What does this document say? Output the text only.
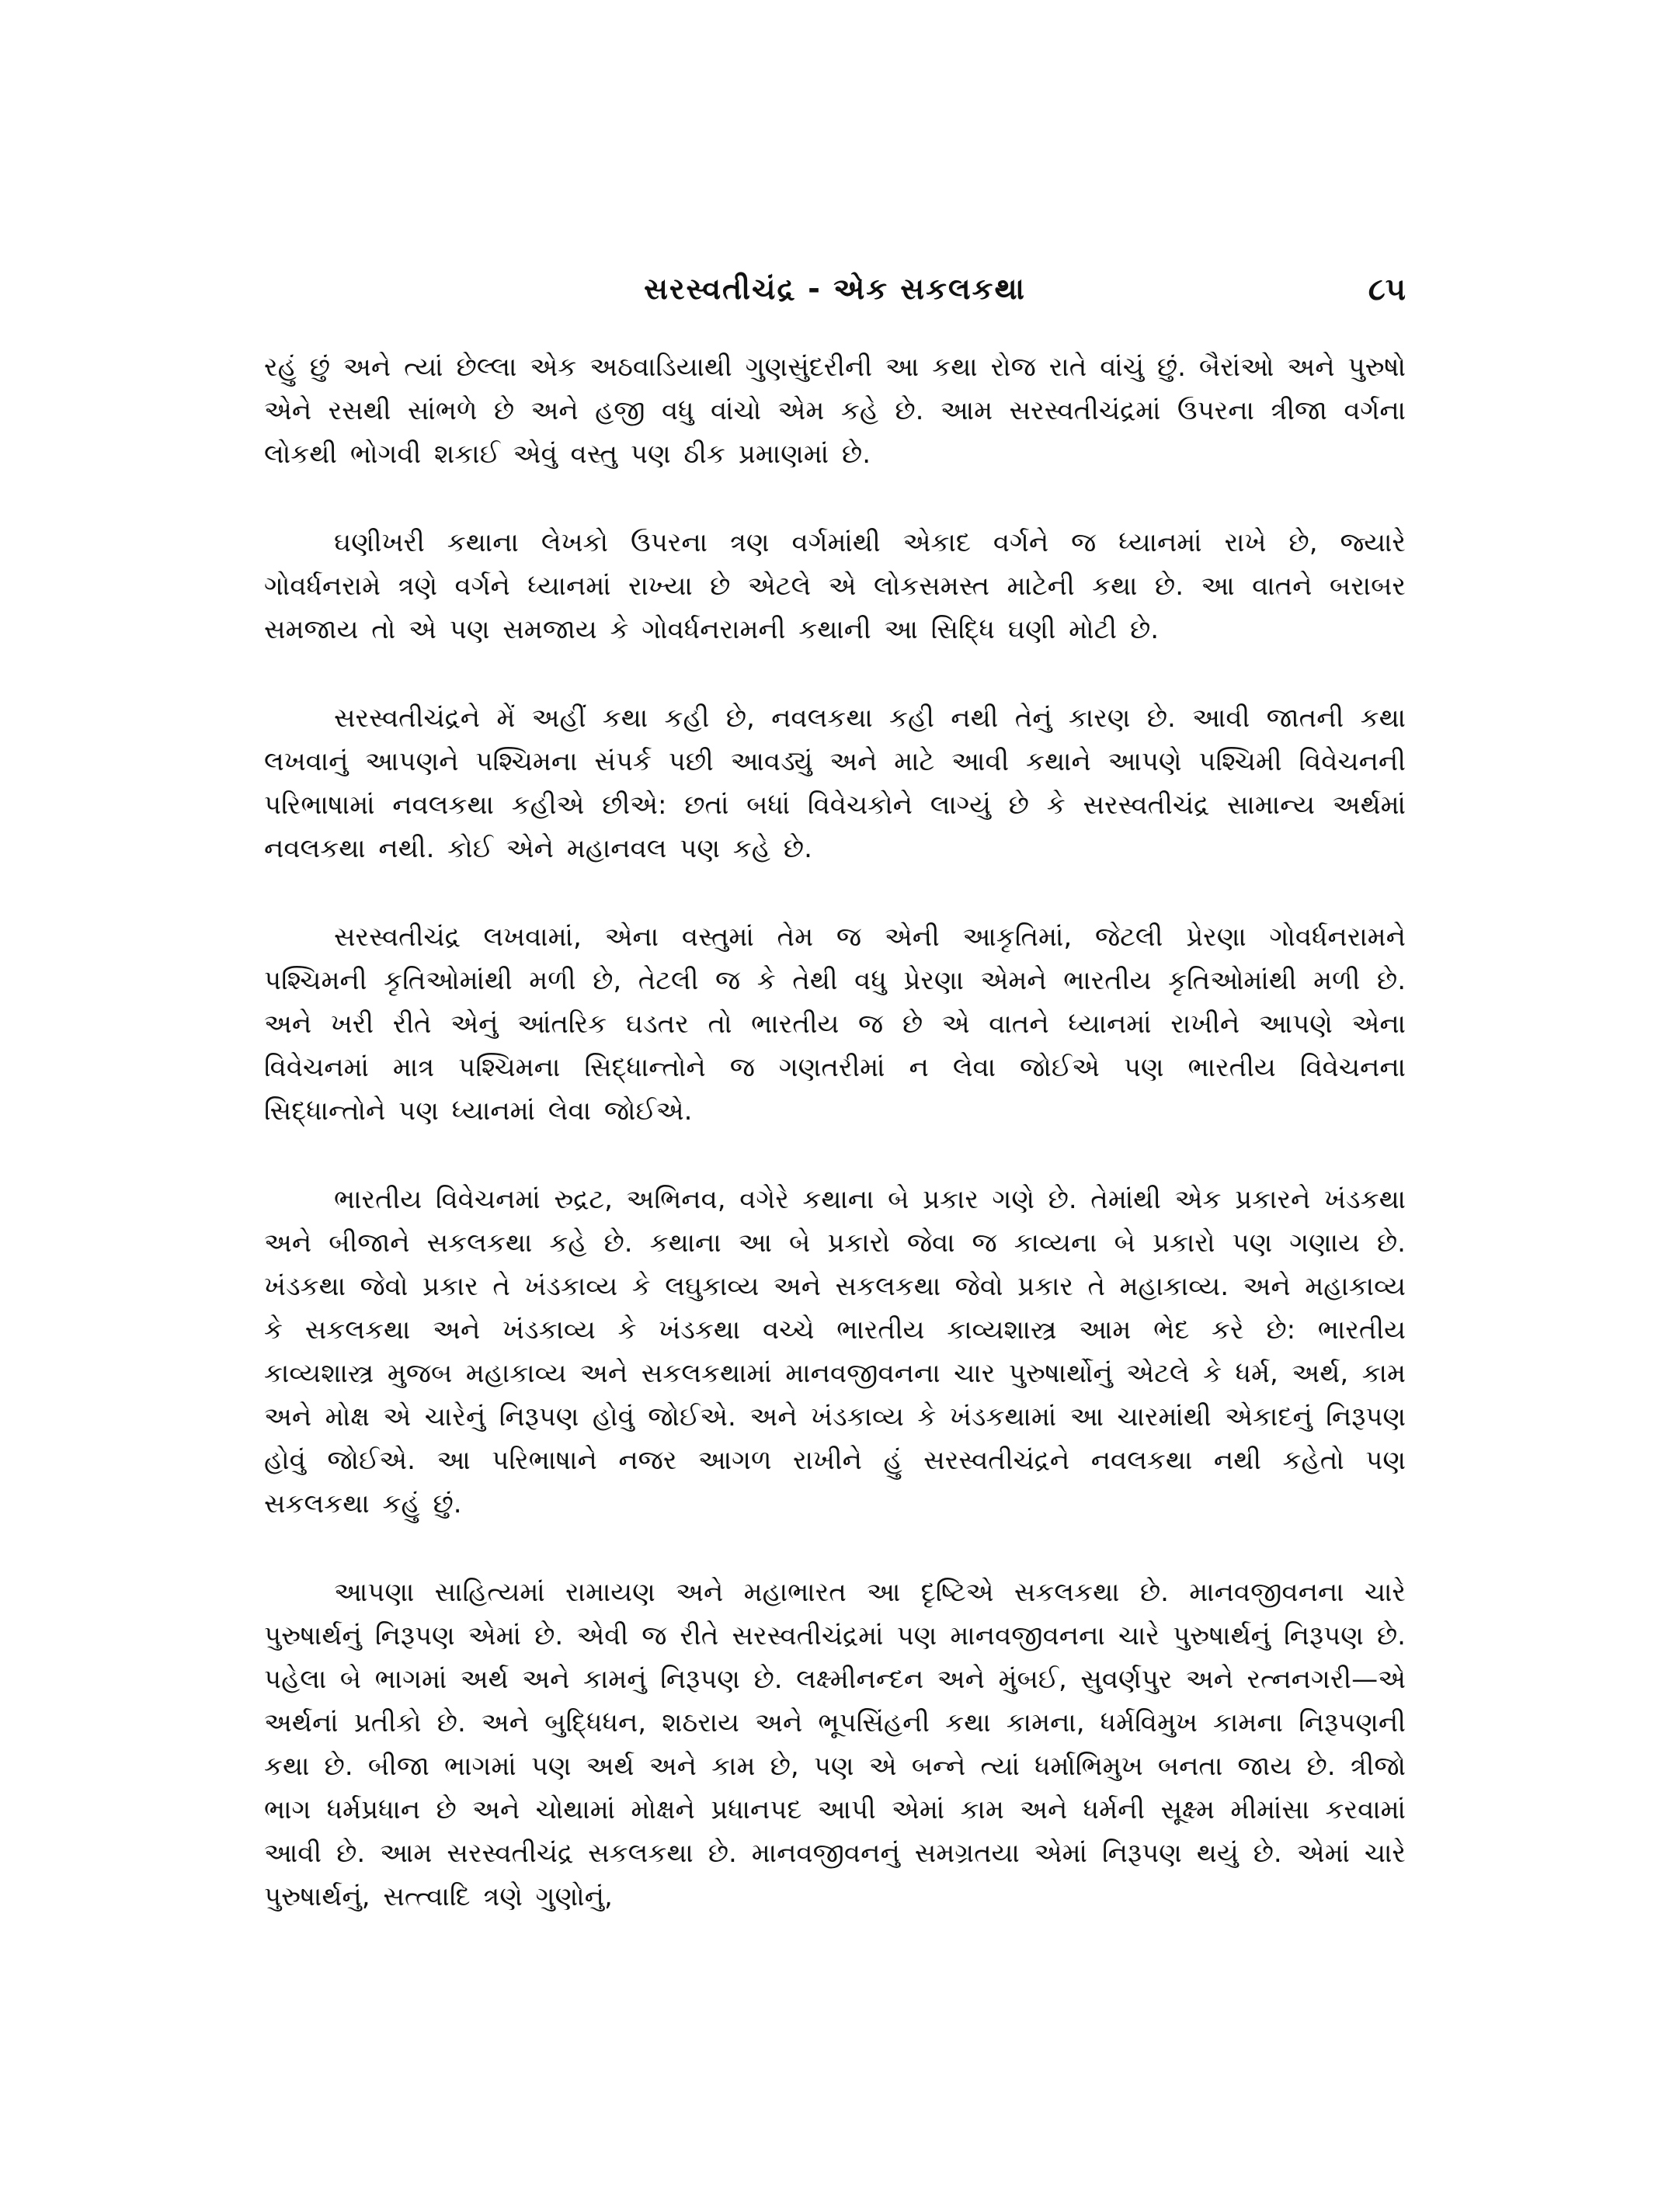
સરસ્વતીચંદ્ર - એક સકલકથા	૮૫

રહું છું અને ત્યાં છેલ્લા એક અઠવાડિયાથી ગુણસુંદરીની આ કથા રોજ રાતે વાંચું છું. બૈરાંઓ અને પુરુષો એને રસથી સાંભળે છે અને હજી વધુ વાંચો એમ કહે છે. આમ સરસ્વતીચંદ્રમાં ઉપરના ત્રીજા વર્ગના લોકથી ભોગવી શકાઈ એવું વસ્તુ પણ ઠીક પ્રમાણમાં છે.

ઘણીખરી કથાના લેખકો ઉપરના ત્રણ વર્ગમાંથી એકાદ વર્ગને જ ધ્યાનમાં રાખે છે, જ્યારે ગોવર્ધનરામે ત્રણે વર્ગને ધ્યાનમાં રાખ્યા છે એટલે એ લોકસમસ્ત માટેની કથા છે. આ વાતને બરાબર સમજાય તો એ પણ સમજાય કે ગોવર્ધનરામની કથાની આ સિદ્ધિ ઘણી મોટી છે.

સરસ્વતીચંદ્રને મેં અહીં કથા કહી છે, નવલકથા કહી નથી તેનું કારણ છે. આવી જાતની કથા લખવાનું આપણને પશ્ચિમના સંપર્ક પછી આવડ્યું અને માટે આવી કથાને આપણે પશ્ચિમી વિવેચનની પરિભાષામાં નવલકથા કહીએ છીએ: છતાં બધાં વિવેચકોને લાગ્યું છે કે સરસ્વતીચંદ્ર સામાન્ય અર્થમાં નવલકથા નથી. કોઈ એને મહાનવલ પણ કહે છે.

સરસ્વતીચંદ્ર લખવામાં, એના વસ્તુમાં તેમ જ એની આકૃતિમાં, જેટલી પ્રેરણા ગોવર્ધનરામને પશ્ચિમની કૃતિઓમાંથી મળી છે, તેટલી જ કે તેથી વધુ પ્રેરણા એમને ભારતીય કૃતિઓમાંથી મળી છે. અને ખરી રીતે એનું આંતરિક ઘડતર તો ભારતીય જ છે એ વાતને ધ્યાનમાં રાખીને આપણે એના વિવેચનમાં માત્ર પશ્ચિમના સિદ્ધાન્તોને જ ગણતરીમાં ન લેવા જોઈએ પણ ભારતીય વિવેચનના સિદ્ધાન્તોને પણ ધ્યાનમાં લેવા જોઈએ.

ભારતીય વિવેચનમાં રુદ્રટ, અભિનવ, વગેરે કથાના બે પ્રકાર ગણે છે. તેમાંથી એક પ્રકારને ખંડકથા અને બીજાને સકલકથા કહે છે. કથાના આ બે પ્રકારો જેવા જ કાવ્યના બે પ્રકારો પણ ગણાય છે. ખંડકથા જેવો પ્રકાર તે ખંડકાવ્ય કે લઘુકાવ્ય અને સકલકથા જેવો પ્રકાર તે મહાકાવ્ય. અને મહાકાવ્ય કે સકલકથા અને ખંડકાવ્ય કે ખંડકથા વચ્ચે ભારતીય કાવ્યશાસ્ત્ર આમ ભેદ કરે છે: ભારતીય કાવ્યશાસ્ત્ર મુજબ મહાકાવ્ય અને સકલકથામાં માનવજીવનના ચાર પુરુષાર્થોનું એટલે કે ધર્મ, અર્થ, કામ અને મોક્ષ એ ચારેનું નિરૂપણ હોવું જોઈએ. અને ખંડકાવ્ય કે ખંડકથામાં આ ચારમાંથી એકાદનું નિરૂપણ હોવું જોઈએ. આ પરિભાષાને નજર આગળ રાખીને હું સરસ્વતીચંદ્રને નવલકથા નથી કહેતો પણ સકલકથા કહું છું.

આપણા સાહિત્યમાં રામાયણ અને મહાભારત આ દૃષ્ટિએ સકલકથા છે. માનવજીવનના ચારે પુરુષાર્થનું નિરૂપણ એમાં છે. એવી જ રીતે સરસ્વતીચંદ્રમાં પણ માનવજીવનના ચારે પુરુષાર્થનું નિરૂપણ છે. પહેલા બે ભાગમાં અર્થ અને કામનું નિરૂપણ છે. લક્ષ્મીનન્દન અને મુંબઈ, સુવર્ણપુર અને રત્નનગરી—એ અર્થનાં પ્રતીકો છે. અને બુદ્ધિધન, શઠરાય અને ભૂપસિંહની કથા કામના, ધર્મવિમુખ કામના નિરૂપણની કથા છે. બીજા ભાગમાં પણ અર્થ અને કામ છે, પણ એ બન્ને ત્યાં ધર્માભિમુખ બનતા જાય છે. ત્રીજો ભાગ ધર્મપ્રધાન છે અને ચોથામાં મોક્ષને પ્રધાનપદ આપી એમાં કામ અને ધર્મની સૂક્ષ્મ મીમાંસા કરવામાં આવી છે. આમ સરસ્વતીચંદ્ર સકલકથા છે. માનવજીવનનું સમગ્રતયા એમાં નિરૂપણ થયું છે. એમાં ચારે પુરુષાર્થનું, સત્ત્વાદિ ત્રણે ગુણોનું,
